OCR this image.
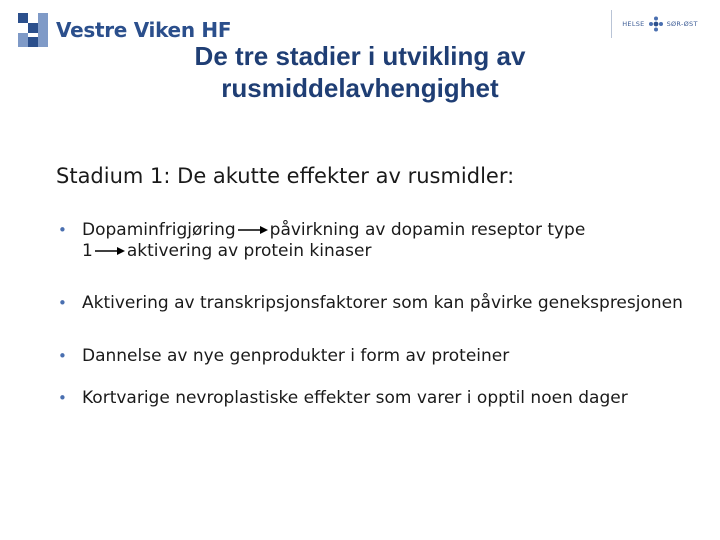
Vestre Viken HF	HELSE	SØR-ØST
De tre stadier i utvikling av
rusmiddelavhengighet

Stadium 1: De akutte effekter av rusmidler:

• Dopaminfrigjøring påvirkning av dopamin reseptor type
1 aktivering av protein kinaser
• Aktivering av transkripsjonsfaktorer som kan påvirke genekspresjonen
• Dannelse av nye genprodukter i form av proteiner
• Kortvarige nevroplastiske effekter som varer i opptil noen dager
